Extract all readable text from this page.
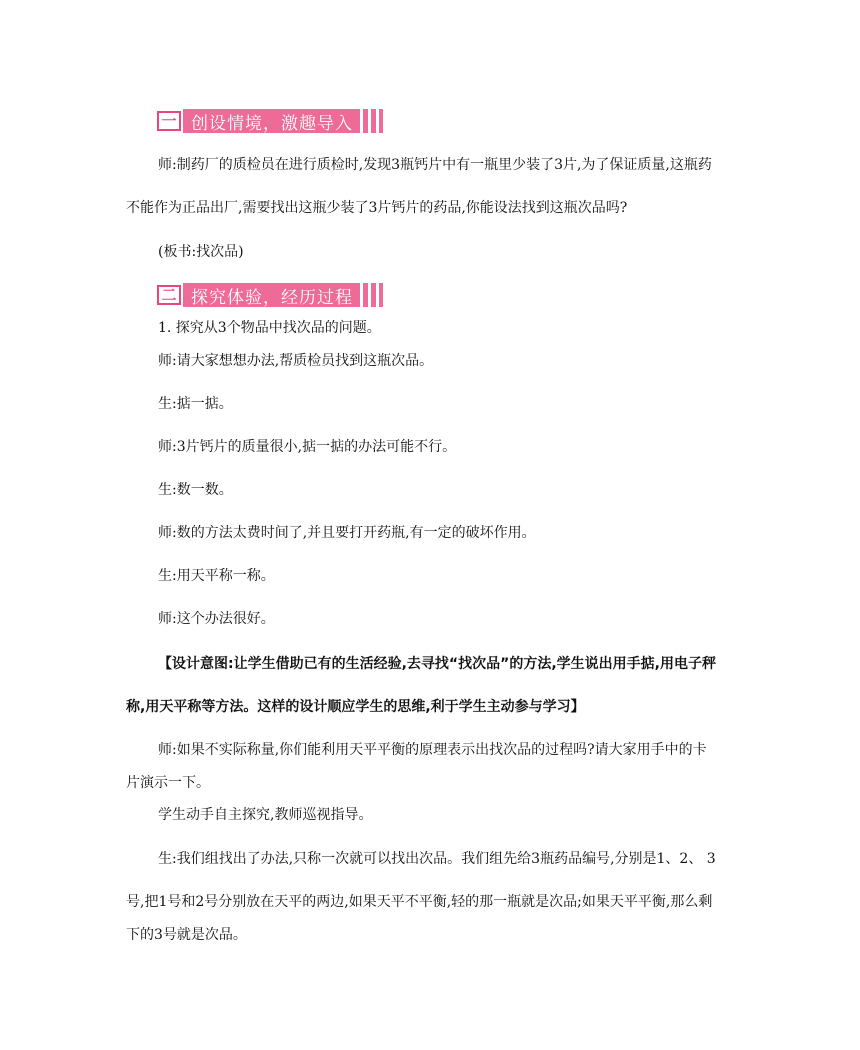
一 创设情境，激趣导入
师:制药厂的质检员在进行质检时,发现3瓶钙片中有一瓶里少装了3片,为了保证质量,这瓶药
不能作为正品出厂,需要找出这瓶少装了3片钙片的药品,你能设法找到这瓶次品吗?
(板书:找次品)
二 探究体验，经历过程
1. 探究从3个物品中找次品的问题。
师:请大家想想办法,帮质检员找到这瓶次品。
生:掂一掂。
师:3片钙片的质量很小,掂一掂的办法可能不行。
生:数一数。
师:数的方法太费时间了,并且要打开药瓶,有一定的破坏作用。
生:用天平称一称。
师:这个办法很好。
【设计意图:让学生借助已有的生活经验,去寻找“找次品”的方法,学生说出用手掂,用电子秤
称,用天平称等方法。这样的设计顺应学生的思维,利于学生主动参与学习】
师:如果不实际称量,你们能利用天平平衡的原理表示出找次品的过程吗?请大家用手中的卡
片演示一下。
学生动手自主探究,教师巡视指导。
生:我们组找出了办法,只称一次就可以找出次品。我们组先给3瓶药品编号,分别是1、2、 3
号,把1号和2号分别放在天平的两边,如果天平不平衡,轻的那一瓶就是次品;如果天平平衡,那么剩
下的3号就是次品。
